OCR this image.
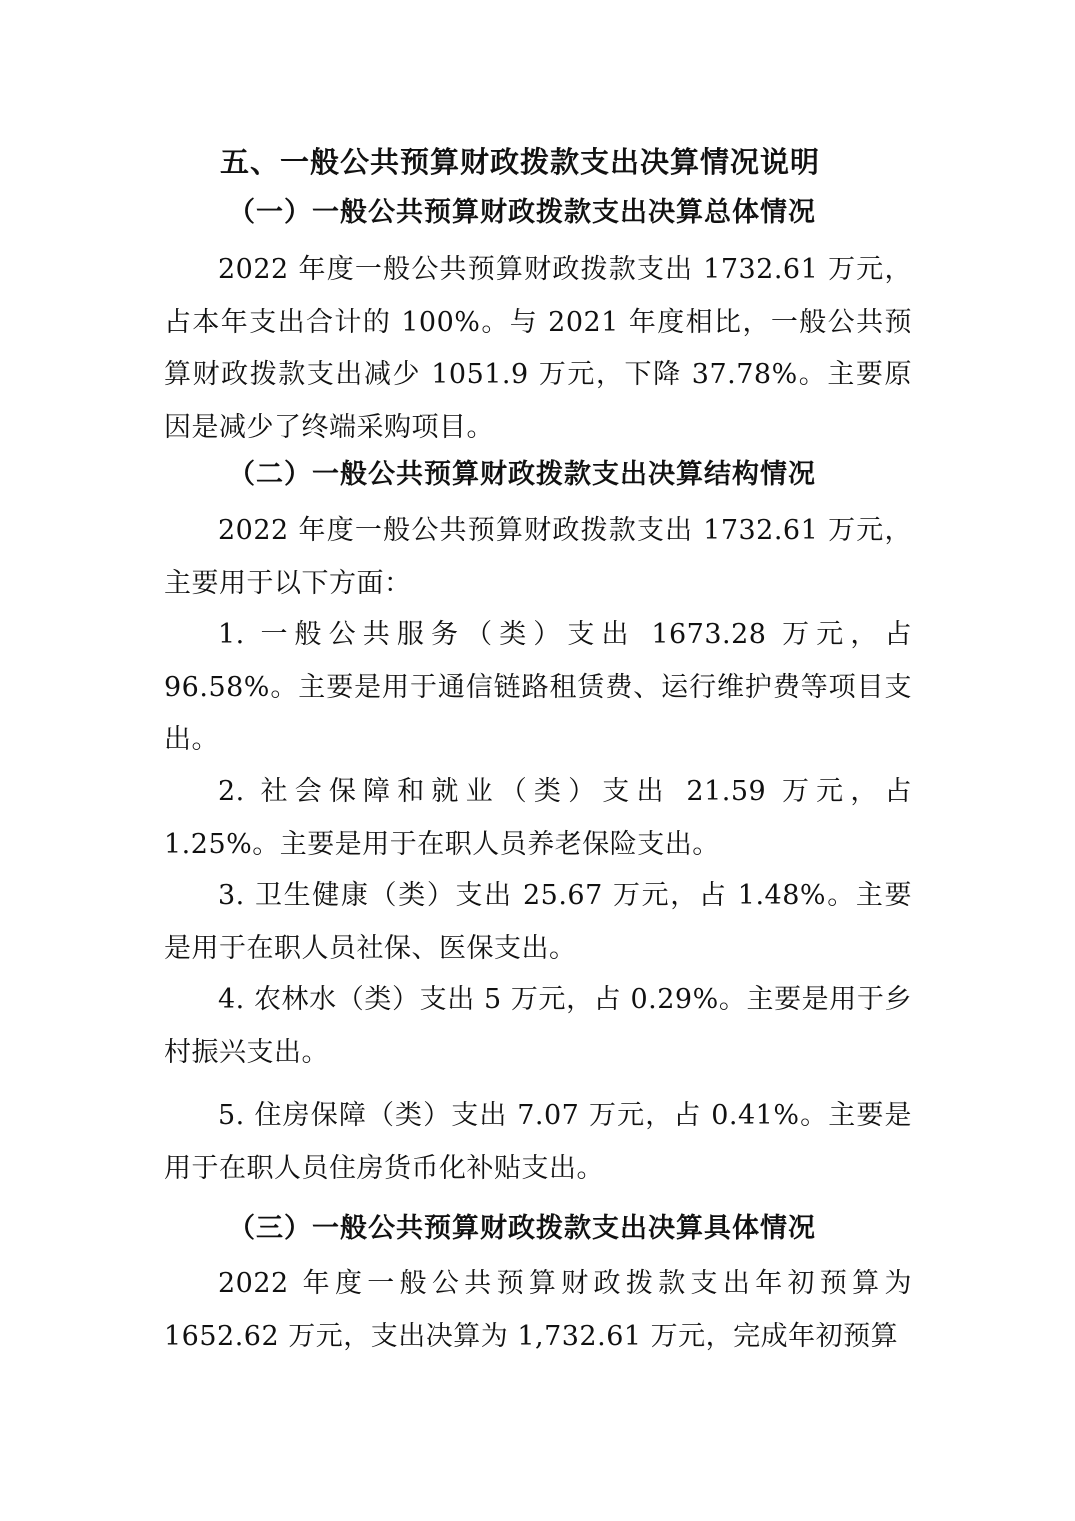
五、一般公共预算财政拨款支出决算情况说明
（一）一般公共预算财政拨款支出决算总体情况
2022 年度一般公共预算财政拨款支出 1732.61 万元，占本年支出合计的 100%。与 2021 年度相比，一般公共预算财政拨款支出减少 1051.9 万元，下降 37.78%。主要原因是减少了终端采购项目。
（二）一般公共预算财政拨款支出决算结构情况
2022 年度一般公共预算财政拨款支出 1732.61 万元，主要用于以下方面：
1. 一般公共服务（类）支出 1673.28 万元，占 96.58%。主要是用于通信链路租赁费、运行维护费等项目支出。
2. 社会保障和就业（类）支出 21.59 万元，占 1.25%。主要是用于在职人员养老保险支出。
3. 卫生健康（类）支出 25.67 万元，占 1.48%。主要是用于在职人员社保、医保支出。
4. 农林水（类）支出 5 万元，占 0.29%。主要是用于乡村振兴支出。
5. 住房保障（类）支出 7.07 万元，占 0.41%。主要是用于在职人员住房货币化补贴支出。
（三）一般公共预算财政拨款支出决算具体情况
2022 年度一般公共预算财政拨款支出年初预算为 1652.62 万元，支出决算为 1,732.61 万元，完成年初预算
